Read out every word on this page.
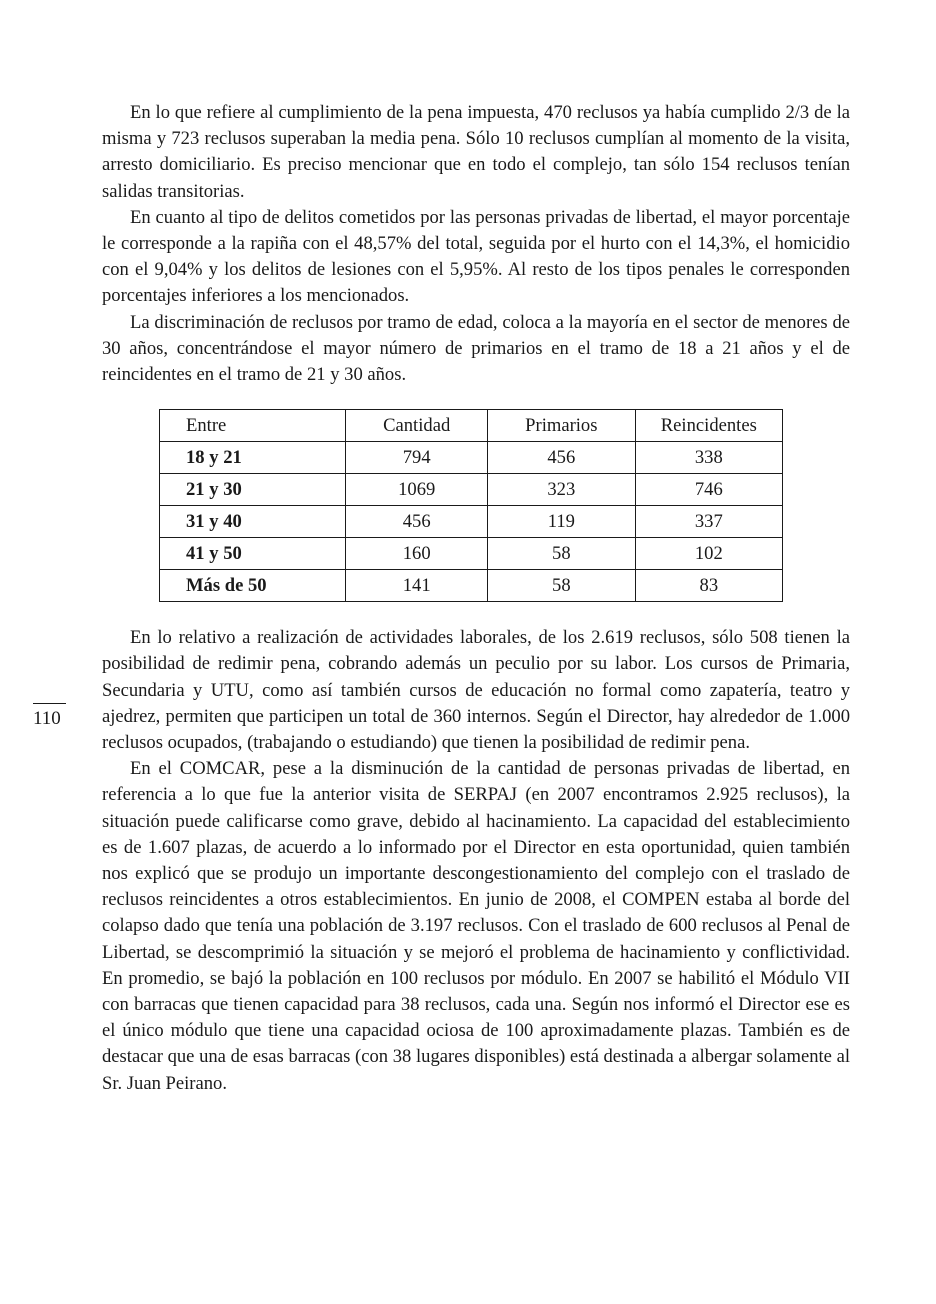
En lo que refiere al cumplimiento de la pena impuesta, 470 reclusos ya había cumplido 2/3 de la misma y 723 reclusos superaban la media pena. Sólo 10 reclusos cumplían al momento de la visita, arresto domiciliario. Es preciso mencionar que en todo el complejo, tan sólo 154 reclusos tenían salidas transitorias.

En cuanto al tipo de delitos cometidos por las personas privadas de libertad, el mayor porcentaje le corresponde a la rapiña con el 48,57% del total, seguida por el hurto con el 14,3%, el homicidio con el 9,04% y los delitos de lesiones con el 5,95%. Al resto de los tipos penales le corresponden porcentajes inferiores a los mencionados.

La discriminación de reclusos por tramo de edad, coloca a la mayoría en el sector de menores de 30 años, concentrándose el mayor número de primarios en el tramo de 18 a 21 años y el de reincidentes en el tramo de 21 y 30 años.

Entre	Cantidad	Primarios	Reincidentes
18 y 21	794	456	338
21 y 30	1069	323	746
31 y 40	456	119	337
41 y 50	160	58	102
Más de 50	141	58	83

En lo relativo a realización de actividades laborales, de los 2.619 reclusos, sólo 508 tienen la posibilidad de redimir pena, cobrando además un peculio por su labor. Los cursos de Primaria, Secundaria y UTU, como así también cursos de educación no formal como zapatería, teatro y ajedrez, permiten que participen un total de 360 internos. Según el Director, hay alrededor de 1.000 reclusos ocupados, (trabajando o estudiando) que tienen la posibilidad de redimir pena.

En el COMCAR, pese a la disminución de la cantidad de personas privadas de libertad, en referencia a lo que fue la anterior visita de SERPAJ (en 2007 encontramos 2.925 reclusos), la situación puede calificarse como grave, debido al hacinamiento. La capacidad del establecimiento es de 1.607 plazas, de acuerdo a lo informado por el Director en esta oportunidad, quien también nos explicó que se produjo un importante descongestionamiento del complejo con el traslado de reclusos reincidentes a otros establecimientos. En junio de 2008, el COMPEN estaba al borde del colapso dado que tenía una población de 3.197 reclusos. Con el traslado de 600 reclusos al Penal de Libertad, se descomprimió la situación y se mejoró el problema de hacinamiento y conflictividad. En promedio, se bajó la población en 100 reclusos por módulo. En 2007 se habilitó el Módulo VII con barracas que tienen capacidad para 38 reclusos, cada una. Según nos informó el Director ese es el único módulo que tiene una capacidad ociosa de 100 aproximadamente plazas. También es de destacar que una de esas barracas (con 38 lugares disponibles) está destinada a albergar solamente al Sr. Juan Peirano.

110
